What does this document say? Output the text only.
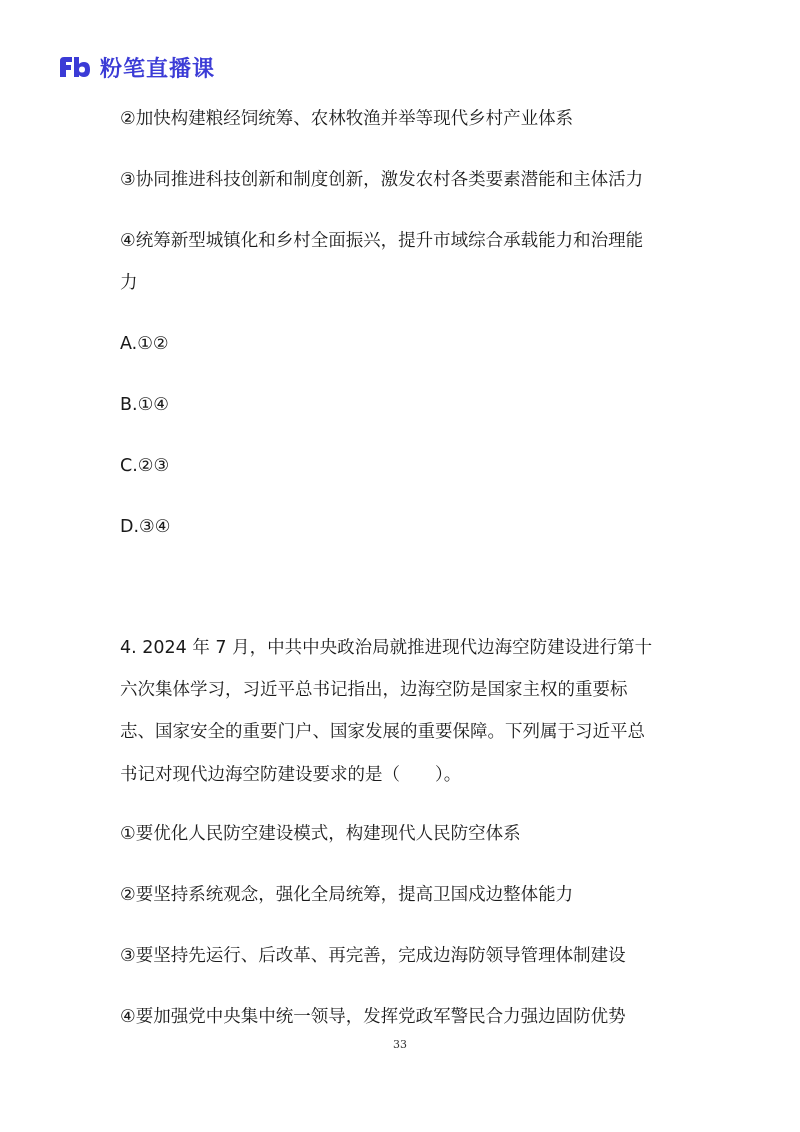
粉笔直播课
②加快构建粮经饲统筹、农林牧渔并举等现代乡村产业体系
③协同推进科技创新和制度创新，激发农村各类要素潜能和主体活力
④统筹新型城镇化和乡村全面振兴，提升市域综合承载能力和治理能
力
A.①②
B.①④
C.②③
D.③④
4. 2024 年 7 月，中共中央政治局就推进现代边海空防建设进行第十
六次集体学习，习近平总书记指出，边海空防是国家主权的重要标
志、国家安全的重要门户、国家发展的重要保障。下列属于习近平总
书记对现代边海空防建设要求的是（　　）。
①要优化人民防空建设模式，构建现代人民防空体系
②要坚持系统观念，强化全局统筹，提高卫国戍边整体能力
③要坚持先运行、后改革、再完善，完成边海防领导管理体制建设
④要加强党中央集中统一领导，发挥党政军警民合力强边固防优势
33
